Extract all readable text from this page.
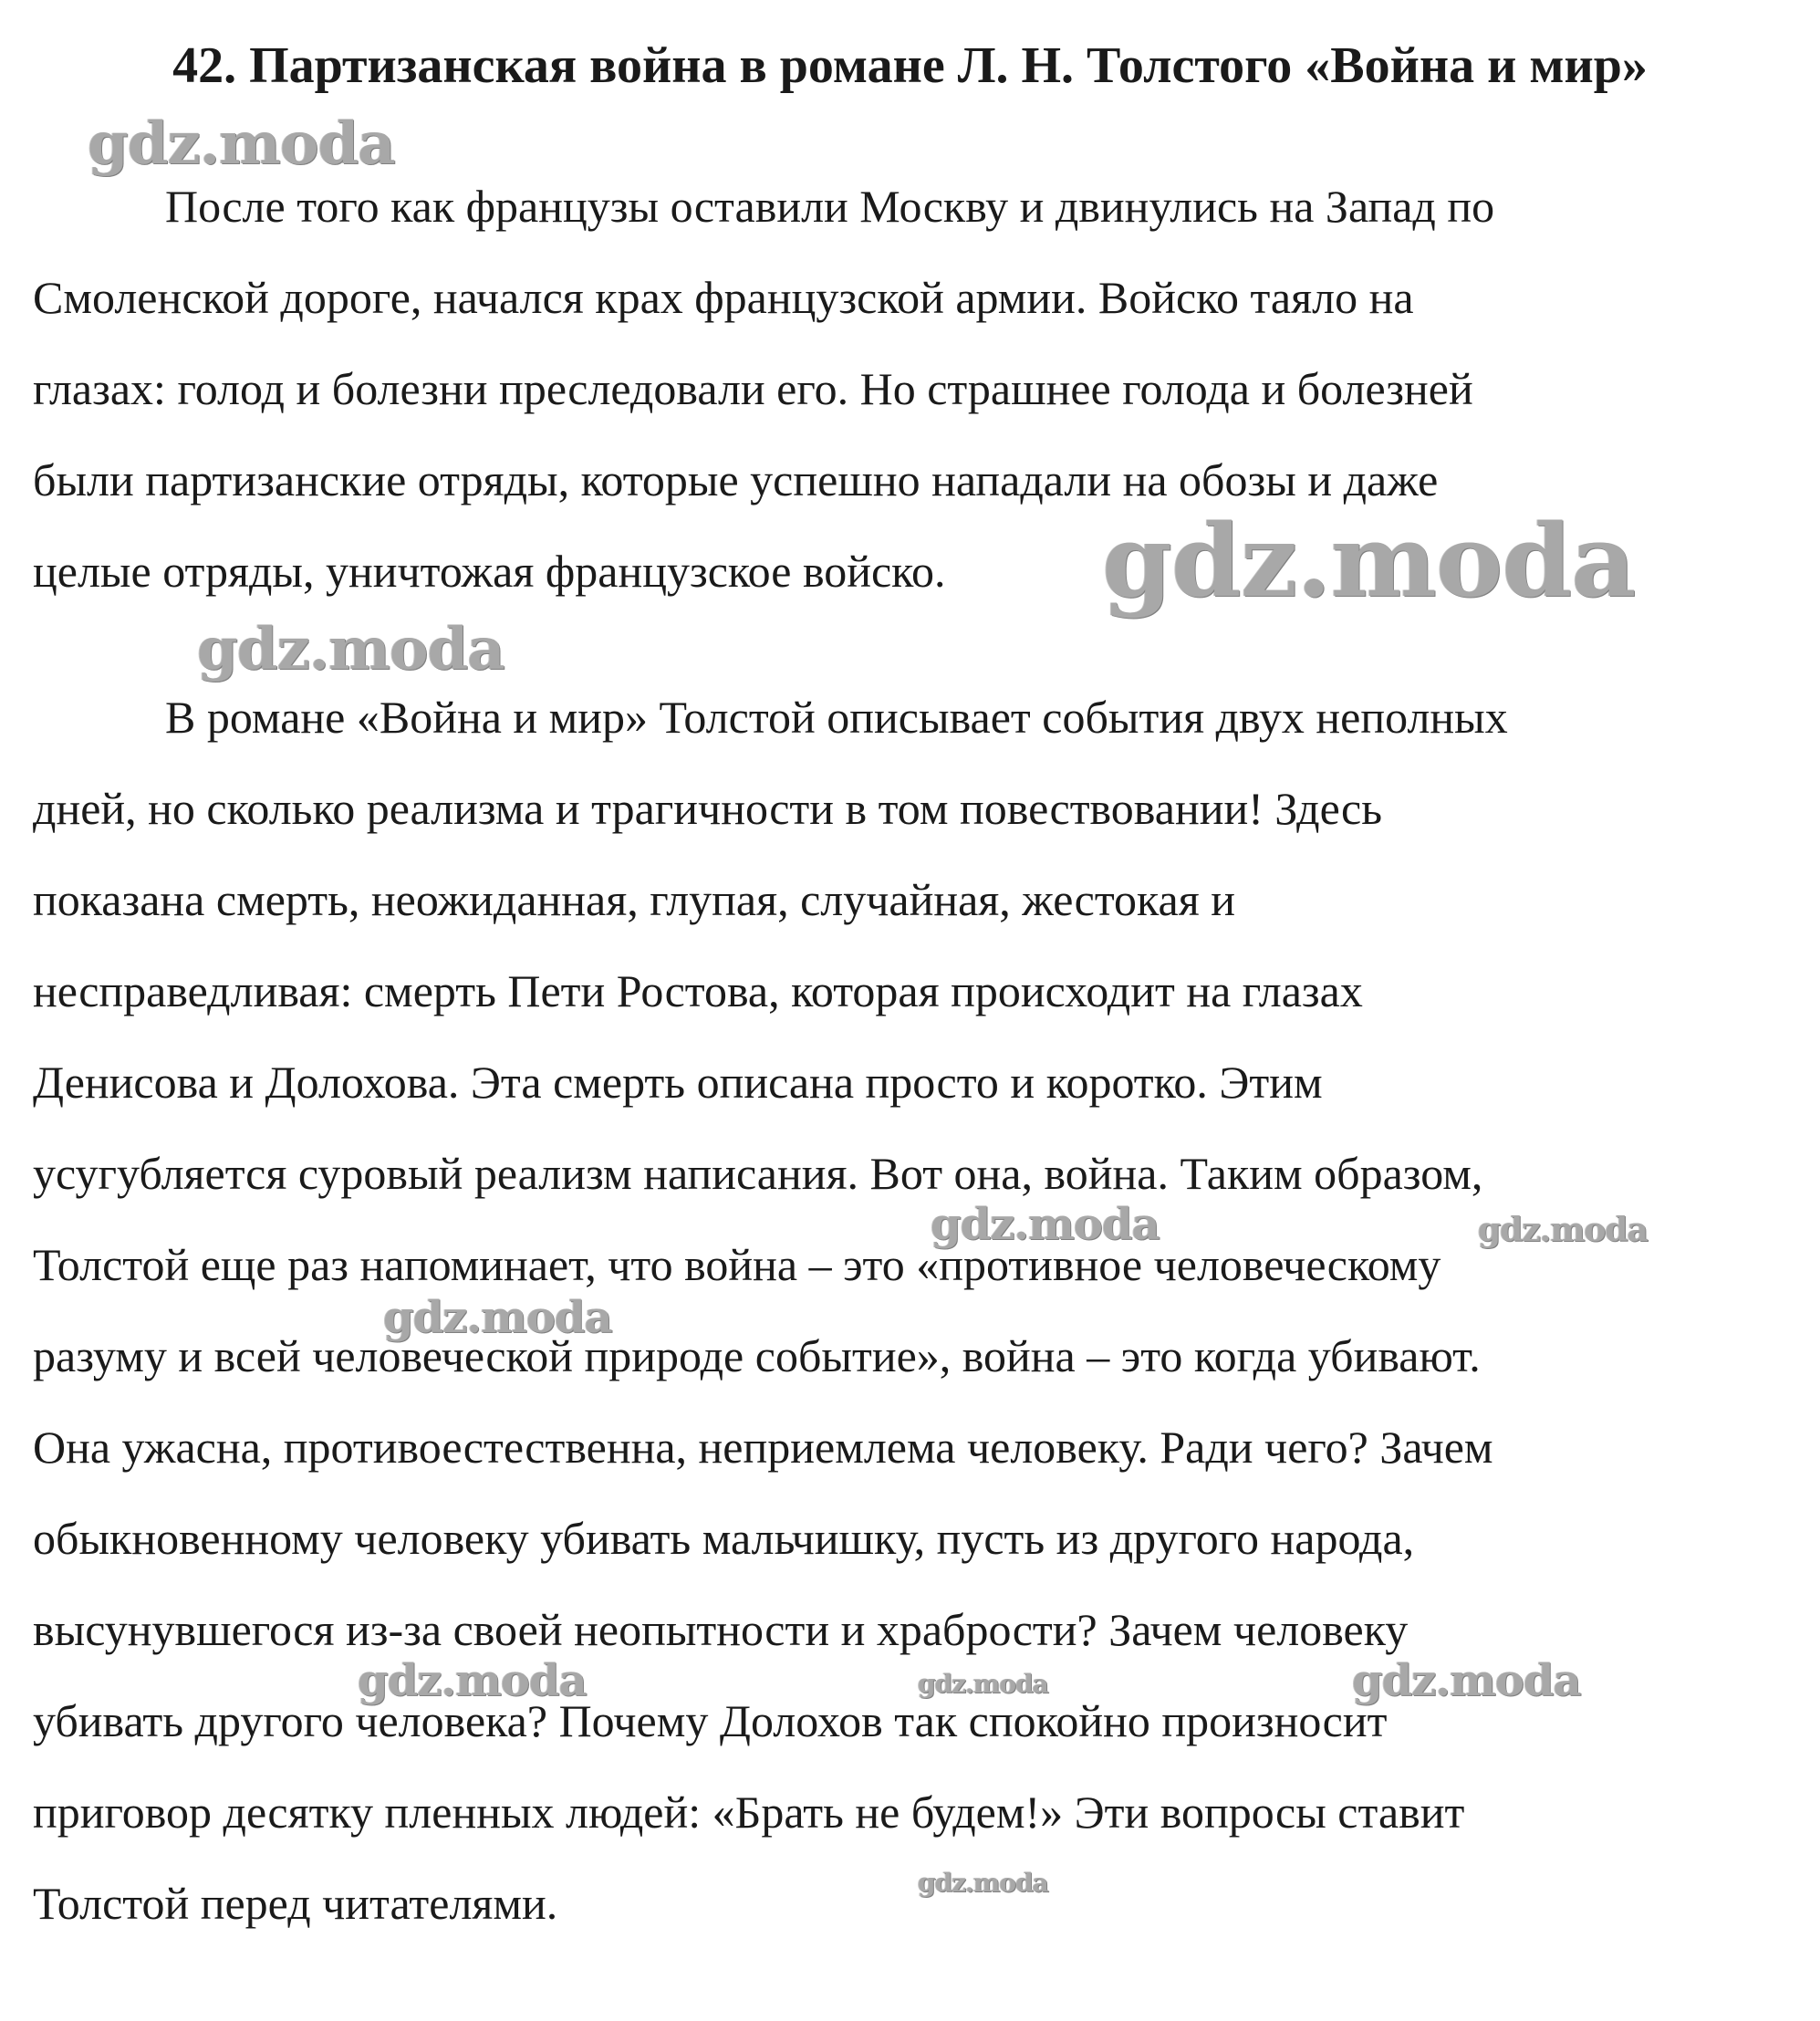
42. Партизанская война в романе Л. Н. Толстого «Война и мир»
После того как французы оставили Москву и двинулись на Запад по
Смоленской дороге, начался крах французской армии. Войско таяло на
глазах: голод и болезни преследовали его. Но страшнее голода и болезней
были партизанские отряды, которые успешно нападали на обозы и даже
целые отряды, уничтожая французское войско.
В романе «Война и мир» Толстой описывает события двух неполных
дней, но сколько реализма и трагичности в том повествовании! Здесь
показана смерть, неожиданная, глупая, случайная, жестокая и
несправедливая: смерть Пети Ростова, которая происходит на глазах
Денисова и Долохова. Эта смерть описана просто и коротко. Этим
усугубляется суровый реализм написания. Вот она, война. Таким образом,
Толстой еще раз напоминает, что война – это «противное человеческому
разуму и всей человеческой природе событие», война – это когда убивают.
Она ужасна, противоестественна, неприемлема человеку. Ради чего? Зачем
обыкновенному человеку убивать мальчишку, пусть из другого народа,
высунувшегося из-за своей неопытности и храбрости? Зачем человеку
убивать другого человека? Почему Долохов так спокойно произносит
приговор десятку пленных людей: «Брать не будем!» Эти вопросы ставит
Толстой перед читателями.
gdz.moda
gdz.moda
gdz.moda
gdz.moda	gdz.moda
gdz.moda
gdz.moda	gdz.moda	gdz.moda
gdz.moda
